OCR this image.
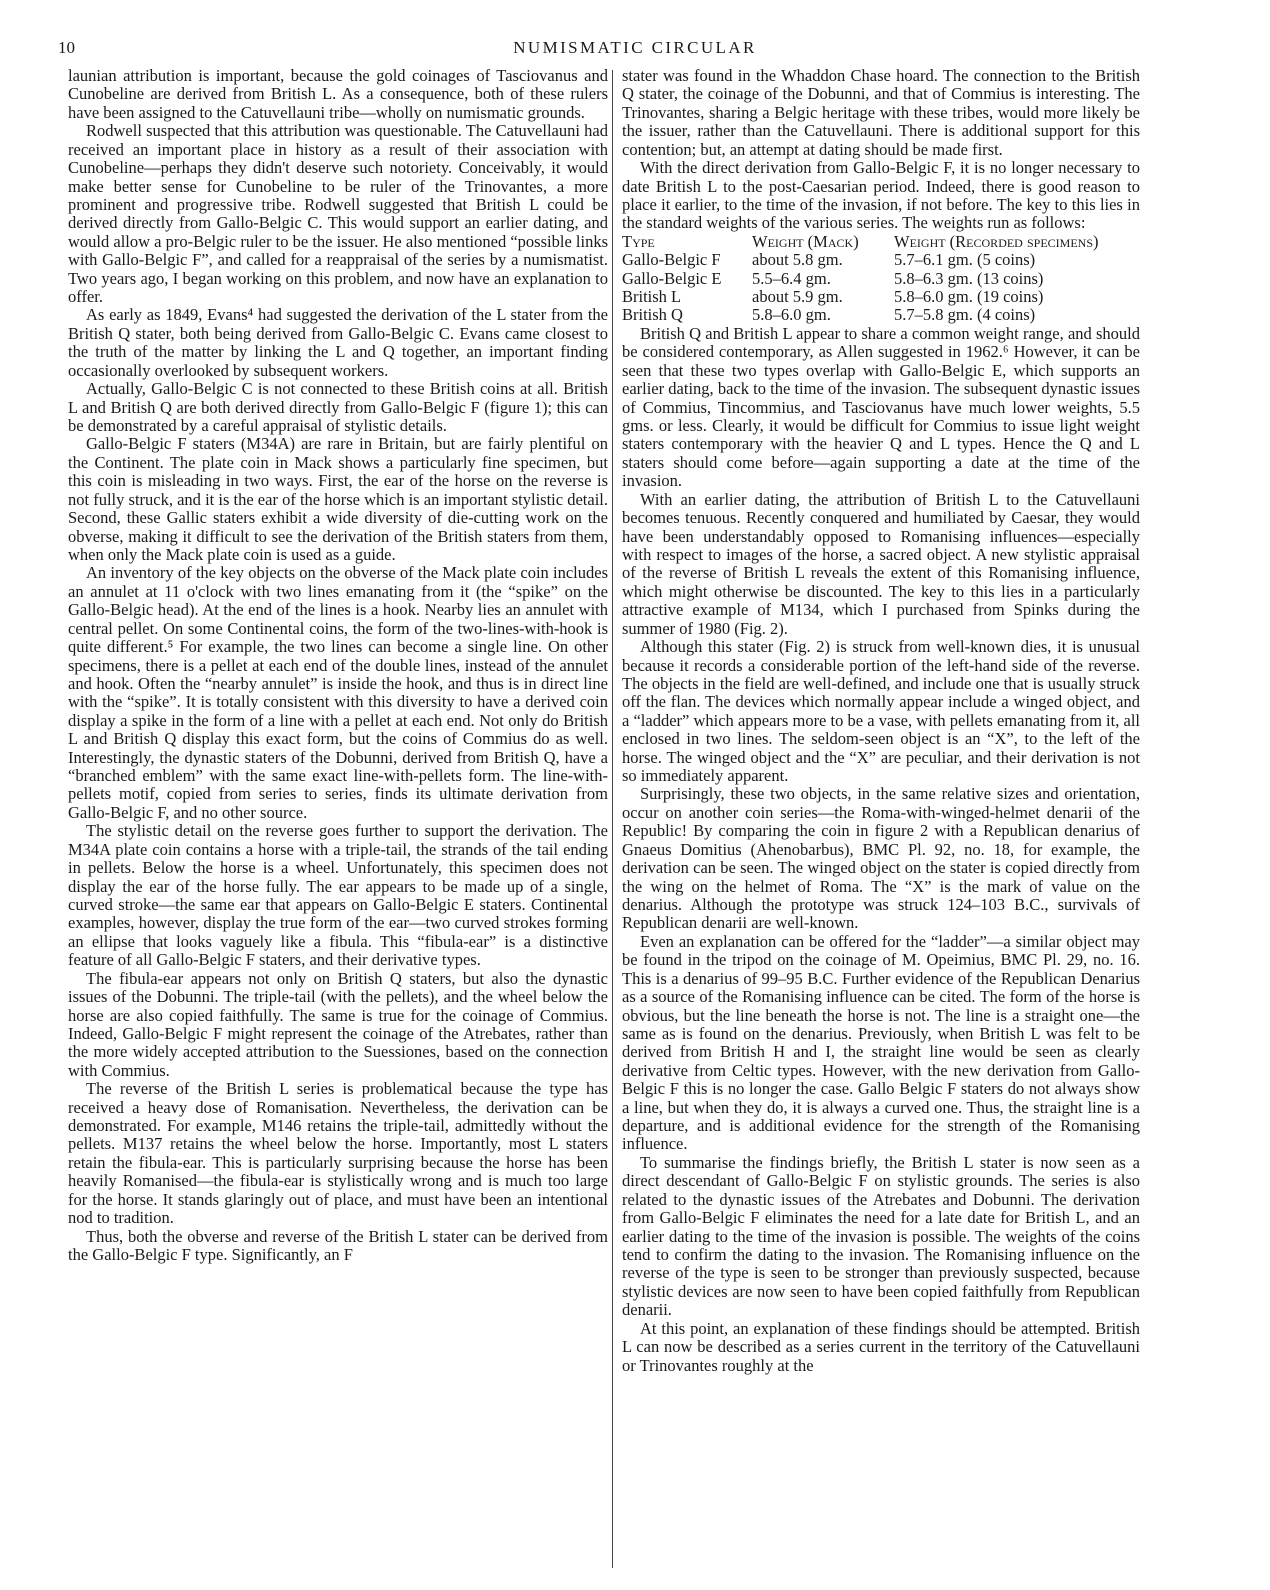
10	NUMISMATIC CIRCULAR

launian attribution is important, because the gold coinages of Tasciovanus and Cunobeline are derived from British L. As a consequence, both of these rulers have been assigned to the Catuvellauni tribe—wholly on numismatic grounds.

Rodwell suspected that this attribution was questionable. The Catuvellauni had received an important place in history as a result of their association with Cunobeline—perhaps they didn't deserve such notoriety. Conceivably, it would make better sense for Cunobeline to be ruler of the Trinovantes, a more prominent and progressive tribe. Rodwell suggested that British L could be derived directly from Gallo-Belgic C. This would support an earlier dating, and would allow a pro-Belgic ruler to be the issuer. He also mentioned “possible links with Gallo-Belgic F”, and called for a reappraisal of the series by a numismatist. Two years ago, I began working on this problem, and now have an explanation to offer.

As early as 1849, Evans⁴ had suggested the derivation of the L stater from the British Q stater, both being derived from Gallo-Belgic C. Evans came closest to the truth of the matter by linking the L and Q together, an important finding occasionally overlooked by subsequent workers.

Actually, Gallo-Belgic C is not connected to these British coins at all. British L and British Q are both derived directly from Gallo-Belgic F (figure 1); this can be demonstrated by a careful appraisal of stylistic details.

Gallo-Belgic F staters (M34A) are rare in Britain, but are fairly plentiful on the Continent. The plate coin in Mack shows a particularly fine specimen, but this coin is misleading in two ways. First, the ear of the horse on the reverse is not fully struck, and it is the ear of the horse which is an important stylistic detail. Second, these Gallic staters exhibit a wide diversity of die-cutting work on the obverse, making it difficult to see the derivation of the British staters from them, when only the Mack plate coin is used as a guide.

An inventory of the key objects on the obverse of the Mack plate coin includes an annulet at 11 o'clock with two lines emanating from it (the “spike” on the Gallo-Belgic head). At the end of the lines is a hook. Nearby lies an annulet with central pellet. On some Continental coins, the form of the two-lines-with-hook is quite different.⁵ For example, the two lines can become a single line. On other specimens, there is a pellet at each end of the double lines, instead of the annulet and hook. Often the “nearby annulet” is inside the hook, and thus is in direct line with the “spike”. It is totally consistent with this diversity to have a derived coin display a spike in the form of a line with a pellet at each end. Not only do British L and British Q display this exact form, but the coins of Commius do as well. Interestingly, the dynastic staters of the Dobunni, derived from British Q, have a “branched emblem” with the same exact line-with-pellets form. The line-with-pellets motif, copied from series to series, finds its ultimate derivation from Gallo-Belgic F, and no other source.

The stylistic detail on the reverse goes further to support the derivation. The M34A plate coin contains a horse with a triple-tail, the strands of the tail ending in pellets. Below the horse is a wheel. Unfortunately, this specimen does not display the ear of the horse fully. The ear appears to be made up of a single, curved stroke—the same ear that appears on Gallo-Belgic E staters. Continental examples, however, display the true form of the ear—two curved strokes forming an ellipse that looks vaguely like a fibula. This “fibula-ear” is a distinctive feature of all Gallo-Belgic F staters, and their derivative types.

The fibula-ear appears not only on British Q staters, but also the dynastic issues of the Dobunni. The triple-tail (with the pellets), and the wheel below the horse are also copied faithfully. The same is true for the coinage of Commius. Indeed, Gallo-Belgic F might represent the coinage of the Atrebates, rather than the more widely accepted attribution to the Suessiones, based on the connection with Commius.

The reverse of the British L series is problematical because the type has received a heavy dose of Romanisation. Nevertheless, the derivation can be demonstrated. For example, M146 retains the triple-tail, admittedly without the pellets. M137 retains the wheel below the horse. Importantly, most L staters retain the fibula-ear. This is particularly surprising because the horse has been heavily Romanised—the fibula-ear is stylistically wrong and is much too large for the horse. It stands glaringly out of place, and must have been an intentional nod to tradition.

Thus, both the obverse and reverse of the British L stater can be derived from the Gallo-Belgic F type. Significantly, an F

stater was found in the Whaddon Chase hoard. The connection to the British Q stater, the coinage of the Dobunni, and that of Commius is interesting. The Trinovantes, sharing a Belgic heritage with these tribes, would more likely be the issuer, rather than the Catuvellauni. There is additional support for this contention; but, an attempt at dating should be made first.

With the direct derivation from Gallo-Belgic F, it is no longer necessary to date British L to the post-Caesarian period. Indeed, there is good reason to place it earlier, to the time of the invasion, if not before. The key to this lies in the standard weights of the various series. The weights run as follows:

Type	Weight (Mack)	Weight (Recorded specimens)
Gallo-Belgic F	about 5.8 gm.	5.7–6.1 gm. (5 coins)
Gallo-Belgic E	5.5–6.4 gm.	5.8–6.3 gm. (13 coins)
British L	about 5.9 gm.	5.8–6.0 gm. (19 coins)
British Q	5.8–6.0 gm.	5.7–5.8 gm. (4 coins)

British Q and British L appear to share a common weight range, and should be considered contemporary, as Allen suggested in 1962.⁶ However, it can be seen that these two types overlap with Gallo-Belgic E, which supports an earlier dating, back to the time of the invasion. The subsequent dynastic issues of Commius, Tincommius, and Tasciovanus have much lower weights, 5.5 gms. or less. Clearly, it would be difficult for Commius to issue light weight staters contemporary with the heavier Q and L types. Hence the Q and L staters should come before—again supporting a date at the time of the invasion.

With an earlier dating, the attribution of British L to the Catuvellauni becomes tenuous. Recently conquered and humiliated by Caesar, they would have been understandably opposed to Romanising influences—especially with respect to images of the horse, a sacred object. A new stylistic appraisal of the reverse of British L reveals the extent of this Romanising influence, which might otherwise be discounted. The key to this lies in a particularly attractive example of M134, which I purchased from Spinks during the summer of 1980 (Fig. 2).

Although this stater (Fig. 2) is struck from well-known dies, it is unusual because it records a considerable portion of the left-hand side of the reverse. The objects in the field are well-defined, and include one that is usually struck off the flan. The devices which normally appear include a winged object, and a “ladder” which appears more to be a vase, with pellets emanating from it, all enclosed in two lines. The seldom-seen object is an “X”, to the left of the horse. The winged object and the “X” are peculiar, and their derivation is not so immediately apparent.

Surprisingly, these two objects, in the same relative sizes and orientation, occur on another coin series—the Roma-with-winged-helmet denarii of the Republic! By comparing the coin in figure 2 with a Republican denarius of Gnaeus Domitius (Ahenobarbus), BMC Pl. 92, no. 18, for example, the derivation can be seen. The winged object on the stater is copied directly from the wing on the helmet of Roma. The “X” is the mark of value on the denarius. Although the prototype was struck 124–103 B.C., survivals of Republican denarii are well-known.

Even an explanation can be offered for the “ladder”—a similar object may be found in the tripod on the coinage of M. Opeimius, BMC Pl. 29, no. 16. This is a denarius of 99–95 B.C. Further evidence of the Republican Denarius as a source of the Romanising influence can be cited. The form of the horse is obvious, but the line beneath the horse is not. The line is a straight one—the same as is found on the denarius. Previously, when British L was felt to be derived from British H and I, the straight line would be seen as clearly derivative from Celtic types. However, with the new derivation from Gallo-Belgic F this is no longer the case. Gallo Belgic F staters do not always show a line, but when they do, it is always a curved one. Thus, the straight line is a departure, and is additional evidence for the strength of the Romanising influence.

To summarise the findings briefly, the British L stater is now seen as a direct descendant of Gallo-Belgic F on stylistic grounds. The series is also related to the dynastic issues of the Atrebates and Dobunni. The derivation from Gallo-Belgic F eliminates the need for a late date for British L, and an earlier dating to the time of the invasion is possible. The weights of the coins tend to confirm the dating to the invasion. The Romanising influence on the reverse of the type is seen to be stronger than previously suspected, because stylistic devices are now seen to have been copied faithfully from Republican denarii.

At this point, an explanation of these findings should be attempted. British L can now be described as a series current in the territory of the Catuvellauni or Trinovantes roughly at the
